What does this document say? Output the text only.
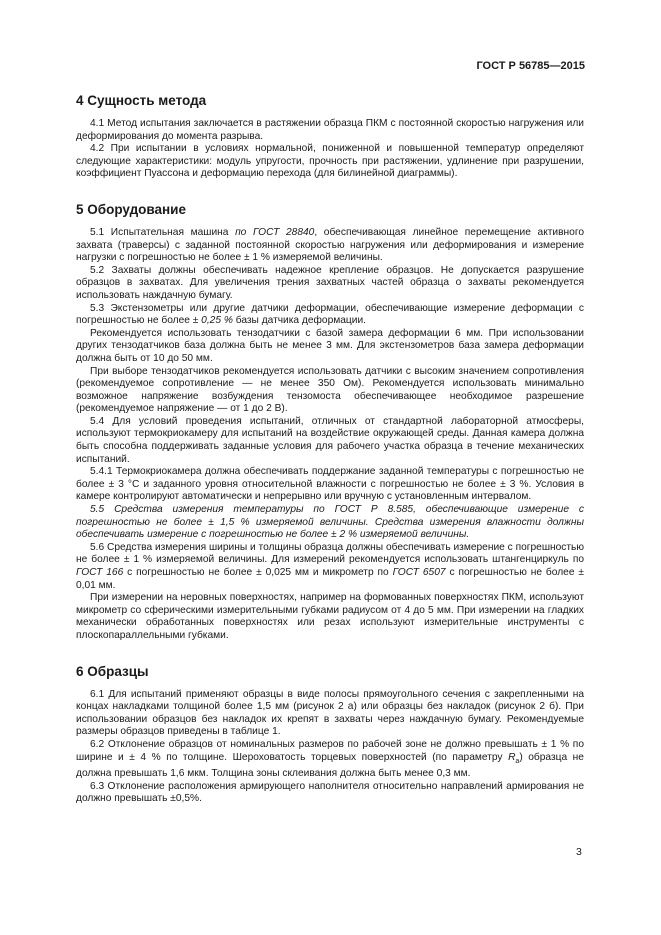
ГОСТ Р 56785—2015
4 Сущность метода

4.1 Метод испытания заключается в растяжении образца ПКМ с постоянной скоростью нагружения или деформирования до момента разрыва.

4.2 При испытании в условиях нормальной, пониженной и повышенной температур определяют следующие характеристики: модуль упругости, прочность при растяжении, удлинение при разрушении, коэффициент Пуассона и деформацию перехода (для билинейной диаграммы).

5 Оборудование

5.1 Испытательная машина по ГОСТ 28840, обеспечивающая линейное перемещение активного захвата (траверсы) с заданной постоянной скоростью нагружения или деформирования и измерение нагрузки с погрешностью не более ± 1 % измеряемой величины.

5.2 Захваты должны обеспечивать надежное крепление образцов. Не допускается разрушение образцов в захватах. Для увеличения трения захватных частей образца о захваты рекомендуется использовать наждачную бумагу.

5.3 Экстензометры или другие датчики деформации, обеспечивающие измерение деформации с погрешностью не более ± 0,25 % базы датчика деформации.

Рекомендуется использовать тензодатчики с базой замера деформации 6 мм. При использовании других тензодатчиков база должна быть не менее 3 мм. Для экстензометров база замера деформации должна быть от 10 до 50 мм.

При выборе тензодатчиков рекомендуется использовать датчики с высоким значением сопротивления (рекомендуемое сопротивление — не менее 350 Ом). Рекомендуется использовать минимально возможное напряжение возбуждения тензомоста обеспечивающее необходимое разрешение (рекомендуемое напряжение — от 1 до 2 В).

5.4 Для условий проведения испытаний, отличных от стандартной лабораторной атмосферы, используют термокриокамеру для испытаний на воздействие окружающей среды. Данная камера должна быть способна поддерживать заданные условия для рабочего участка образца в течение механических испытаний.

5.4.1 Термокриокамера должна обеспечивать поддержание заданной температуры с погрешностью не более ± 3 °С и заданного уровня относительной влажности с погрешностью не более ± 3 %. Условия в камере контролируют автоматически и непрерывно или вручную с установленным интервалом.

5.5 Средства измерения температуры по ГОСТ Р 8.585, обеспечивающие измерение с погрешностью не более ± 1,5 % измеряемой величины. Средства измерения влажности должны обеспечивать измерение с погрешностью не более ± 2 % измеряемой величины.

5.6 Средства измерения ширины и толщины образца должны обеспечивать измерение с погрешностью не более ± 1 % измеряемой величины. Для измерений рекомендуется использовать штангенциркуль по ГОСТ 166 с погрешностью не более ± 0,025 мм и микрометр по ГОСТ 6507 с погрешностью не более ± 0,01 мм.

При измерении на неровных поверхностях, например на формованных поверхностях ПКМ, используют микрометр со сферическими измерительными губками радиусом от 4 до 5 мм. При измерении на гладких механически обработанных поверхностях или резах используют измерительные инструменты с плоскопараллельными губками.

6 Образцы

6.1 Для испытаний применяют образцы в виде полосы прямоугольного сечения с закрепленными на концах накладками толщиной более 1,5 мм (рисунок 2 а) или образцы без накладок (рисунок 2 б). При использовании образцов без накладок их крепят в захваты через наждачную бумагу. Рекомендуемые размеры образцов приведены в таблице 1.

6.2 Отклонение образцов от номинальных размеров по рабочей зоне не должно превышать ± 1 % по ширине и ± 4 % по толщине. Шероховатость торцевых поверхностей (по параметру $R_a$) образца не должна превышать 1,6 мкм. Толщина зоны склеивания должна быть менее 0,3 мм.

6.3 Отклонение расположения армирующего наполнителя относительно направлений армирования не должно превышать ±0,5%.

3
